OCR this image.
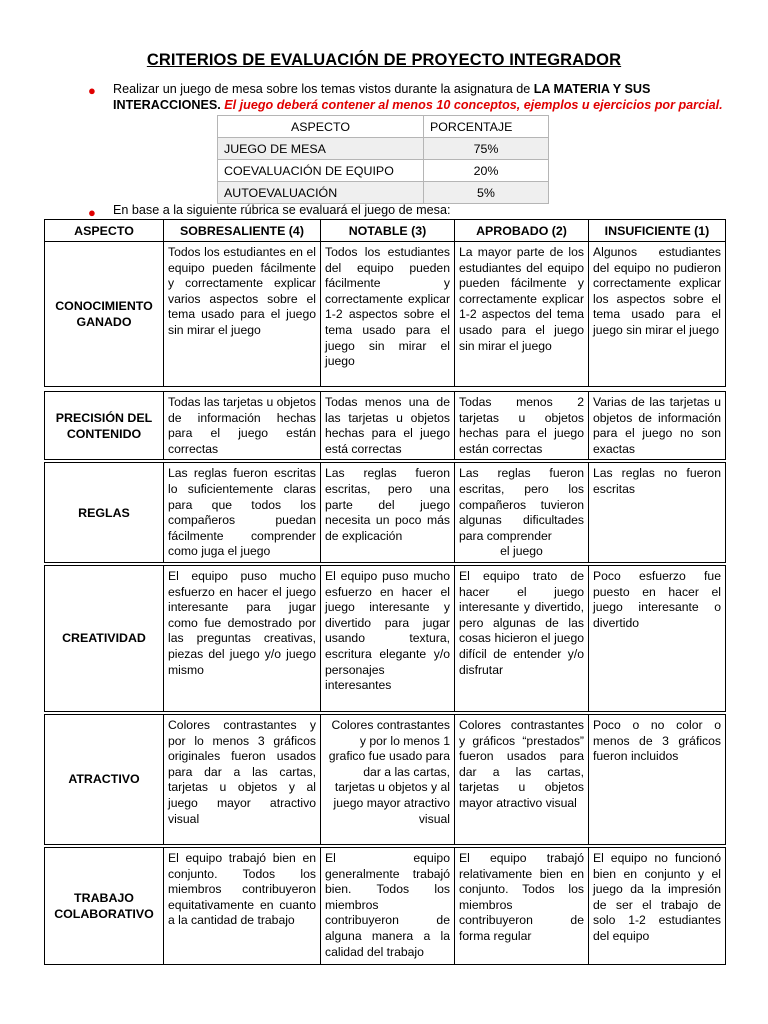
CRITERIOS DE EVALUACIÓN DE PROYECTO INTEGRADOR
● Realizar un juego de mesa sobre los temas vistos durante la asignatura de LA MATERIA Y SUS INTERACCIONES. El juego deberá contener al menos 10 conceptos, ejemplos u ejercicios por parcial.
ASPECTO	PORCENTAJE
JUEGO DE MESA	75%
COEVALUACIÓN DE EQUIPO	20%
AUTOEVALUACIÓN	5%
● En base a la siguiente rúbrica se evaluará el juego de mesa:
ASPECTO	SOBRESALIENTE (4)	NOTABLE (3)	APROBADO (2)	INSUFICIENTE (1)
CONOCIMIENTO GANADO	Todos los estudiantes en el equipo pueden fácilmente y correctamente explicar varios aspectos sobre el tema usado para el juego sin mirar el juego	Todos los estudiantes del equipo pueden fácilmente y correctamente explicar 1-2 aspectos sobre el tema usado para el juego sin mirar el juego	La mayor parte de los estudiantes del equipo pueden fácilmente y correctamente explicar 1-2 aspectos del tema usado para el juego sin mirar el juego	Algunos estudiantes del equipo no pudieron correctamente explicar los aspectos sobre el tema usado para el juego sin mirar el juego

PRECISIÓN DEL CONTENIDO	Todas las tarjetas u objetos de información hechas para el juego están correctas	Todas menos una de las tarjetas u objetos hechas para el juego está correctas	Todas menos 2 tarjetas u objetos hechas para el juego están correctas	Varias de las tarjetas u objetos de información para el juego no son exactas

REGLAS	Las reglas fueron escritas lo suficientemente claras para que todos los compañeros puedan fácilmente comprender como juga el juego	Las reglas fueron escritas, pero una parte del juego necesita un poco más de explicación	Las reglas fueron escritas, pero los compañeros tuvieron algunas dificultades para comprender
el juego	Las reglas no fueron escritas

CREATIVIDAD	El equipo puso mucho esfuerzo en hacer el juego interesante para jugar como fue demostrado por las preguntas creativas, piezas del juego y/o juego mismo	El equipo puso mucho esfuerzo en hacer el juego interesante y divertido para jugar usando textura, escritura elegante y/o personajes interesantes	El equipo trato de hacer el juego interesante y divertido, pero algunas de las cosas hicieron el juego difícil de entender y/o disfrutar	Poco esfuerzo fue puesto en hacer el juego interesante o divertido

ATRACTIVO	Colores contrastantes y por lo menos 3 gráficos originales fueron usados para dar a las cartas, tarjetas u objetos y al juego mayor atractivo visual	Colores contrastantes y por lo menos 1 grafico fue usado para dar a las cartas, tarjetas u objetos y al juego mayor atractivo visual	Colores contrastantes y gráficos “prestados” fueron usados para dar a las cartas, tarjetas u objetos mayor atractivo visual	Poco o no color o menos de 3 gráficos fueron incluidos

TRABAJO COLABORATIVO	El equipo trabajó bien en conjunto. Todos los miembros contribuyeron equitativamente en cuanto a la cantidad de trabajo	El equipo generalmente trabajó bien. Todos los miembros contribuyeron de alguna manera a la calidad del trabajo	El equipo trabajó relativamente bien en conjunto. Todos los miembros contribuyeron de forma regular	El equipo no funcionó bien en conjunto y el juego da la impresión de ser el trabajo de solo 1-2 estudiantes del equipo
